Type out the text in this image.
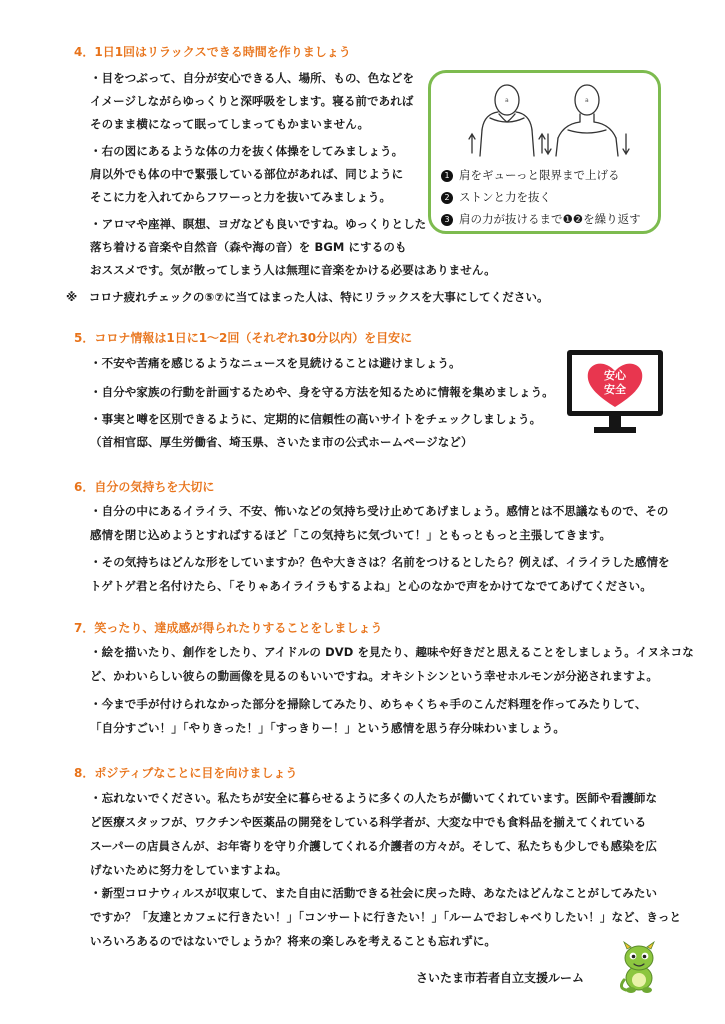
4．1日1回はリラックスできる時間を作りましょう
・目をつぶって、自分が安心できる人、場所、もの、色などを
イメージしながらゆっくりと深呼吸をします。寝る前であれば
そのまま横になって眠ってしまってもかまいません。
・右の図にあるような体の力を抜く体操をしてみましょう。
肩以外でも体の中で緊張している部位があれば、同じように
そこに力を入れてからフワーっと力を抜いてみましょう。
・アロマや座禅、瞑想、ヨガなども良いですね。ゆっくりとした
落ち着ける音楽や自然音（森や海の音）を BGM にするのも
おススメです。気が散ってしまう人は無理に音楽をかける必要はありません。
a	a
1 肩をギューっと限界まで上げる
2 ストンと力を抜く
3 肩の力が抜けるまで❶❷を繰り返す
※　コロナ疲れチェックの⑤⑦に当てはまった人は、特にリラックスを大事にしてください。
5．コロナ情報は1日に1～2回（それぞれ30分以内）を目安に
・不安や苦痛を感じるようなニュースを見続けることは避けましょう。
・自分や家族の行動を計画するためや、身を守る方法を知るために情報を集めましょう。
・事実と噂を区別できるように、定期的に信頼性の高いサイトをチェックしましょう。
（首相官邸、厚生労働省、埼玉県、さいたま市の公式ホームページなど）
安心
安全
6．自分の気持ちを大切に
・自分の中にあるイライラ、不安、怖いなどの気持ち受け止めてあげましょう。感情とは不思議なもので、その
感情を閉じ込めようとすればするほど「この気持ちに気づいて！」ともっともっと主張してきます。
・その気持ちはどんな形をしていますか？色や大きさは？名前をつけるとしたら？例えば、イライラした感情を
トゲトゲ君と名付けたら、「そりゃあイライラもするよね」と心のなかで声をかけてなでてあげてください。
7．笑ったり、達成感が得られたりすることをしましょう
・絵を描いたり、創作をしたり、アイドルの DVD を見たり、趣味や好きだと思えることをしましょう。イヌネコな
ど、かわいらしい彼らの動画像を見るのもいいですね。オキシトシンという幸せホルモンが分泌されますよ。
・今まで手が付けられなかった部分を掃除してみたり、めちゃくちゃ手のこんだ料理を作ってみたりして、
「自分すごい！」「やりきった！」「すっきりー！」という感情を思う存分味わいましょう。
8．ポジティブなことに目を向けましょう
・忘れないでください。私たちが安全に暮らせるように多くの人たちが働いてくれています。医師や看護師な
ど医療スタッフが、ワクチンや医薬品の開発をしている科学者が、大変な中でも食料品を揃えてくれている
スーパーの店員さんが、お年寄りを守り介護してくれる介護者の方々が。そして、私たちも少しでも感染を広
げないために努力をしていますよね。
・新型コロナウィルスが収束して、また自由に活動できる社会に戻った時、あなたはどんなことがしてみたい
ですか？「友達とカフェに行きたい！」「コンサートに行きたい！」「ルームでおしゃべりしたい！」など、きっと
いろいろあるのではないでしょうか？将来の楽しみを考えることも忘れずに。
さいたま市若者自立支援ルーム
